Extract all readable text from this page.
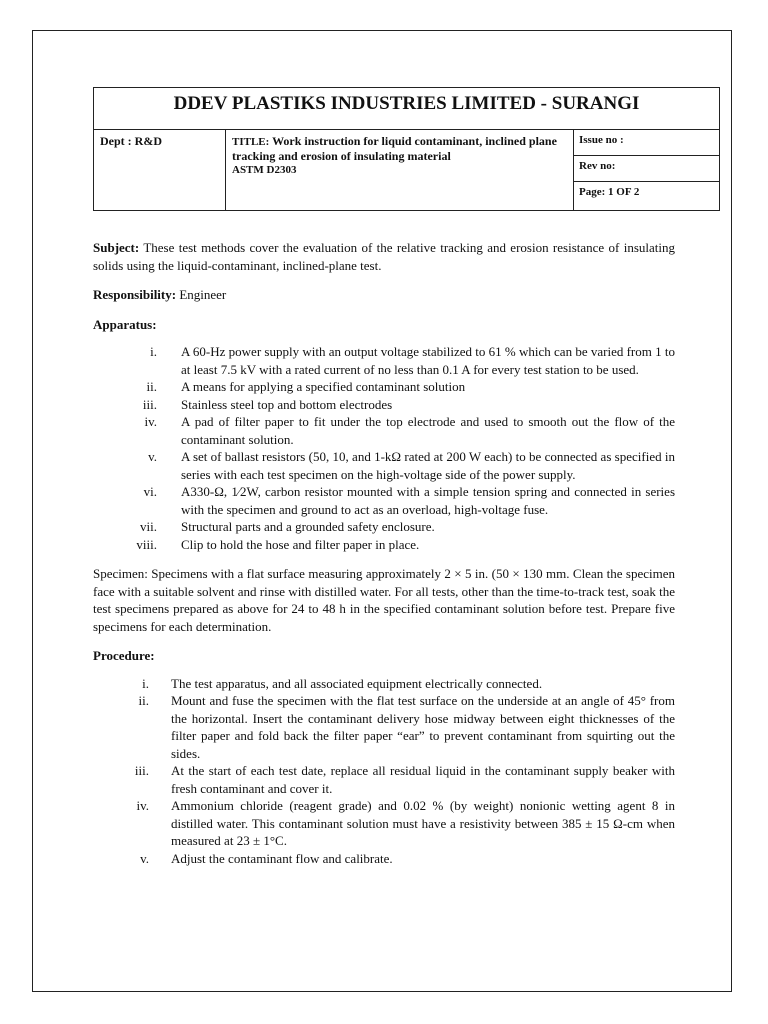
DDEV PLASTIKS INDUSTRIES LIMITED - SURANGI
Dept : R&D	TITLE: Work instruction for liquid contaminant, inclined plane tracking and erosion of insulating material
ASTM D2303
Issue no :
Rev no:
Page: 1 OF 2

Subject: These test methods cover the evaluation of the relative tracking and erosion resistance of insulating solids using the liquid-contaminant, inclined-plane test.

Responsibility: Engineer

Apparatus:

i. A 60-Hz power supply with an output voltage stabilized to 61 % which can be varied from 1 to at least 7.5 kV with a rated current of no less than 0.1 A for every test station to be used.
ii. A means for applying a specified contaminant solution
iii. Stainless steel top and bottom electrodes
iv. A pad of filter paper to fit under the top electrode and used to smooth out the flow of the contaminant solution.
v. A set of ballast resistors (50, 10, and 1-kΩ rated at 200 W each) to be connected as specified in series with each test specimen on the high-voltage side of the power supply.
vi. A330-Ω, 1⁄2W, carbon resistor mounted with a simple tension spring and connected in series with the specimen and ground to act as an overload, high-voltage fuse.
vii. Structural parts and a grounded safety enclosure.
viii. Clip to hold the hose and filter paper in place.

Specimen: Specimens with a flat surface measuring approximately 2 × 5 in. (50 × 130 mm. Clean the specimen face with a suitable solvent and rinse with distilled water. For all tests, other than the time-to-track test, soak the test specimens prepared as above for 24 to 48 h in the specified contaminant solution before test. Prepare five specimens for each determination.

Procedure:

i. The test apparatus, and all associated equipment electrically connected.
ii. Mount and fuse the specimen with the flat test surface on the underside at an angle of 45° from the horizontal. Insert the contaminant delivery hose midway between eight thicknesses of the filter paper and fold back the filter paper “ear” to prevent contaminant from squirting out the sides.
iii. At the start of each test date, replace all residual liquid in the contaminant supply beaker with fresh contaminant and cover it.
iv. Ammonium chloride (reagent grade) and 0.02 % (by weight) nonionic wetting agent 8 in distilled water. This contaminant solution must have a resistivity between 385 ± 15 Ω-cm when measured at 23 ± 1°C.
v. Adjust the contaminant flow and calibrate.
